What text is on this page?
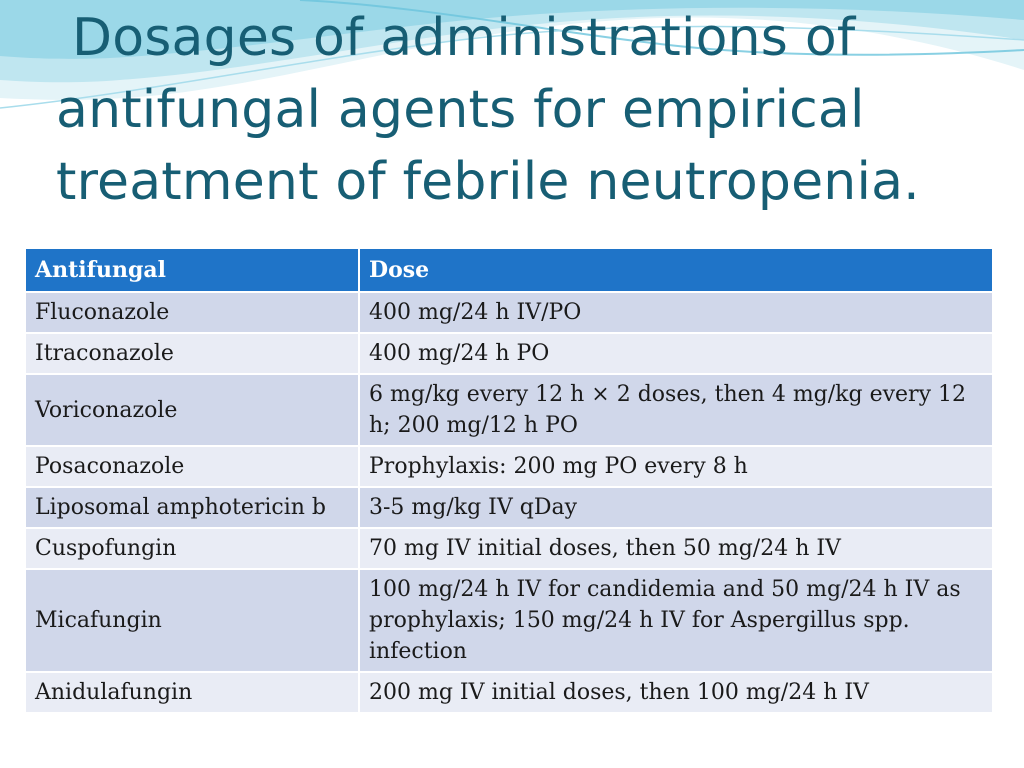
Dosages of administrations of
antifungal agents for empirical
treatment of febrile neutropenia.
Antifungal	Dose
Fluconazole	400 mg/24 h IV/PO
Itraconazole	400 mg/24 h PO
Voriconazole	6 mg/kg every 12 h × 2 doses, then 4 mg/kg every 12 h; 200 mg/12 h PO
Posaconazole	Prophylaxis: 200 mg PO every 8 h
Liposomal amphotericin b	3-5 mg/kg IV qDay
Cuspofungin	70 mg IV initial doses, then 50 mg/24 h IV
Micafungin	100 mg/24 h IV for candidemia and 50 mg/24 h IV as prophylaxis; 150 mg/24 h IV for Aspergillus spp. infection
Anidulafungin	200 mg IV initial doses, then 100 mg/24 h IV
